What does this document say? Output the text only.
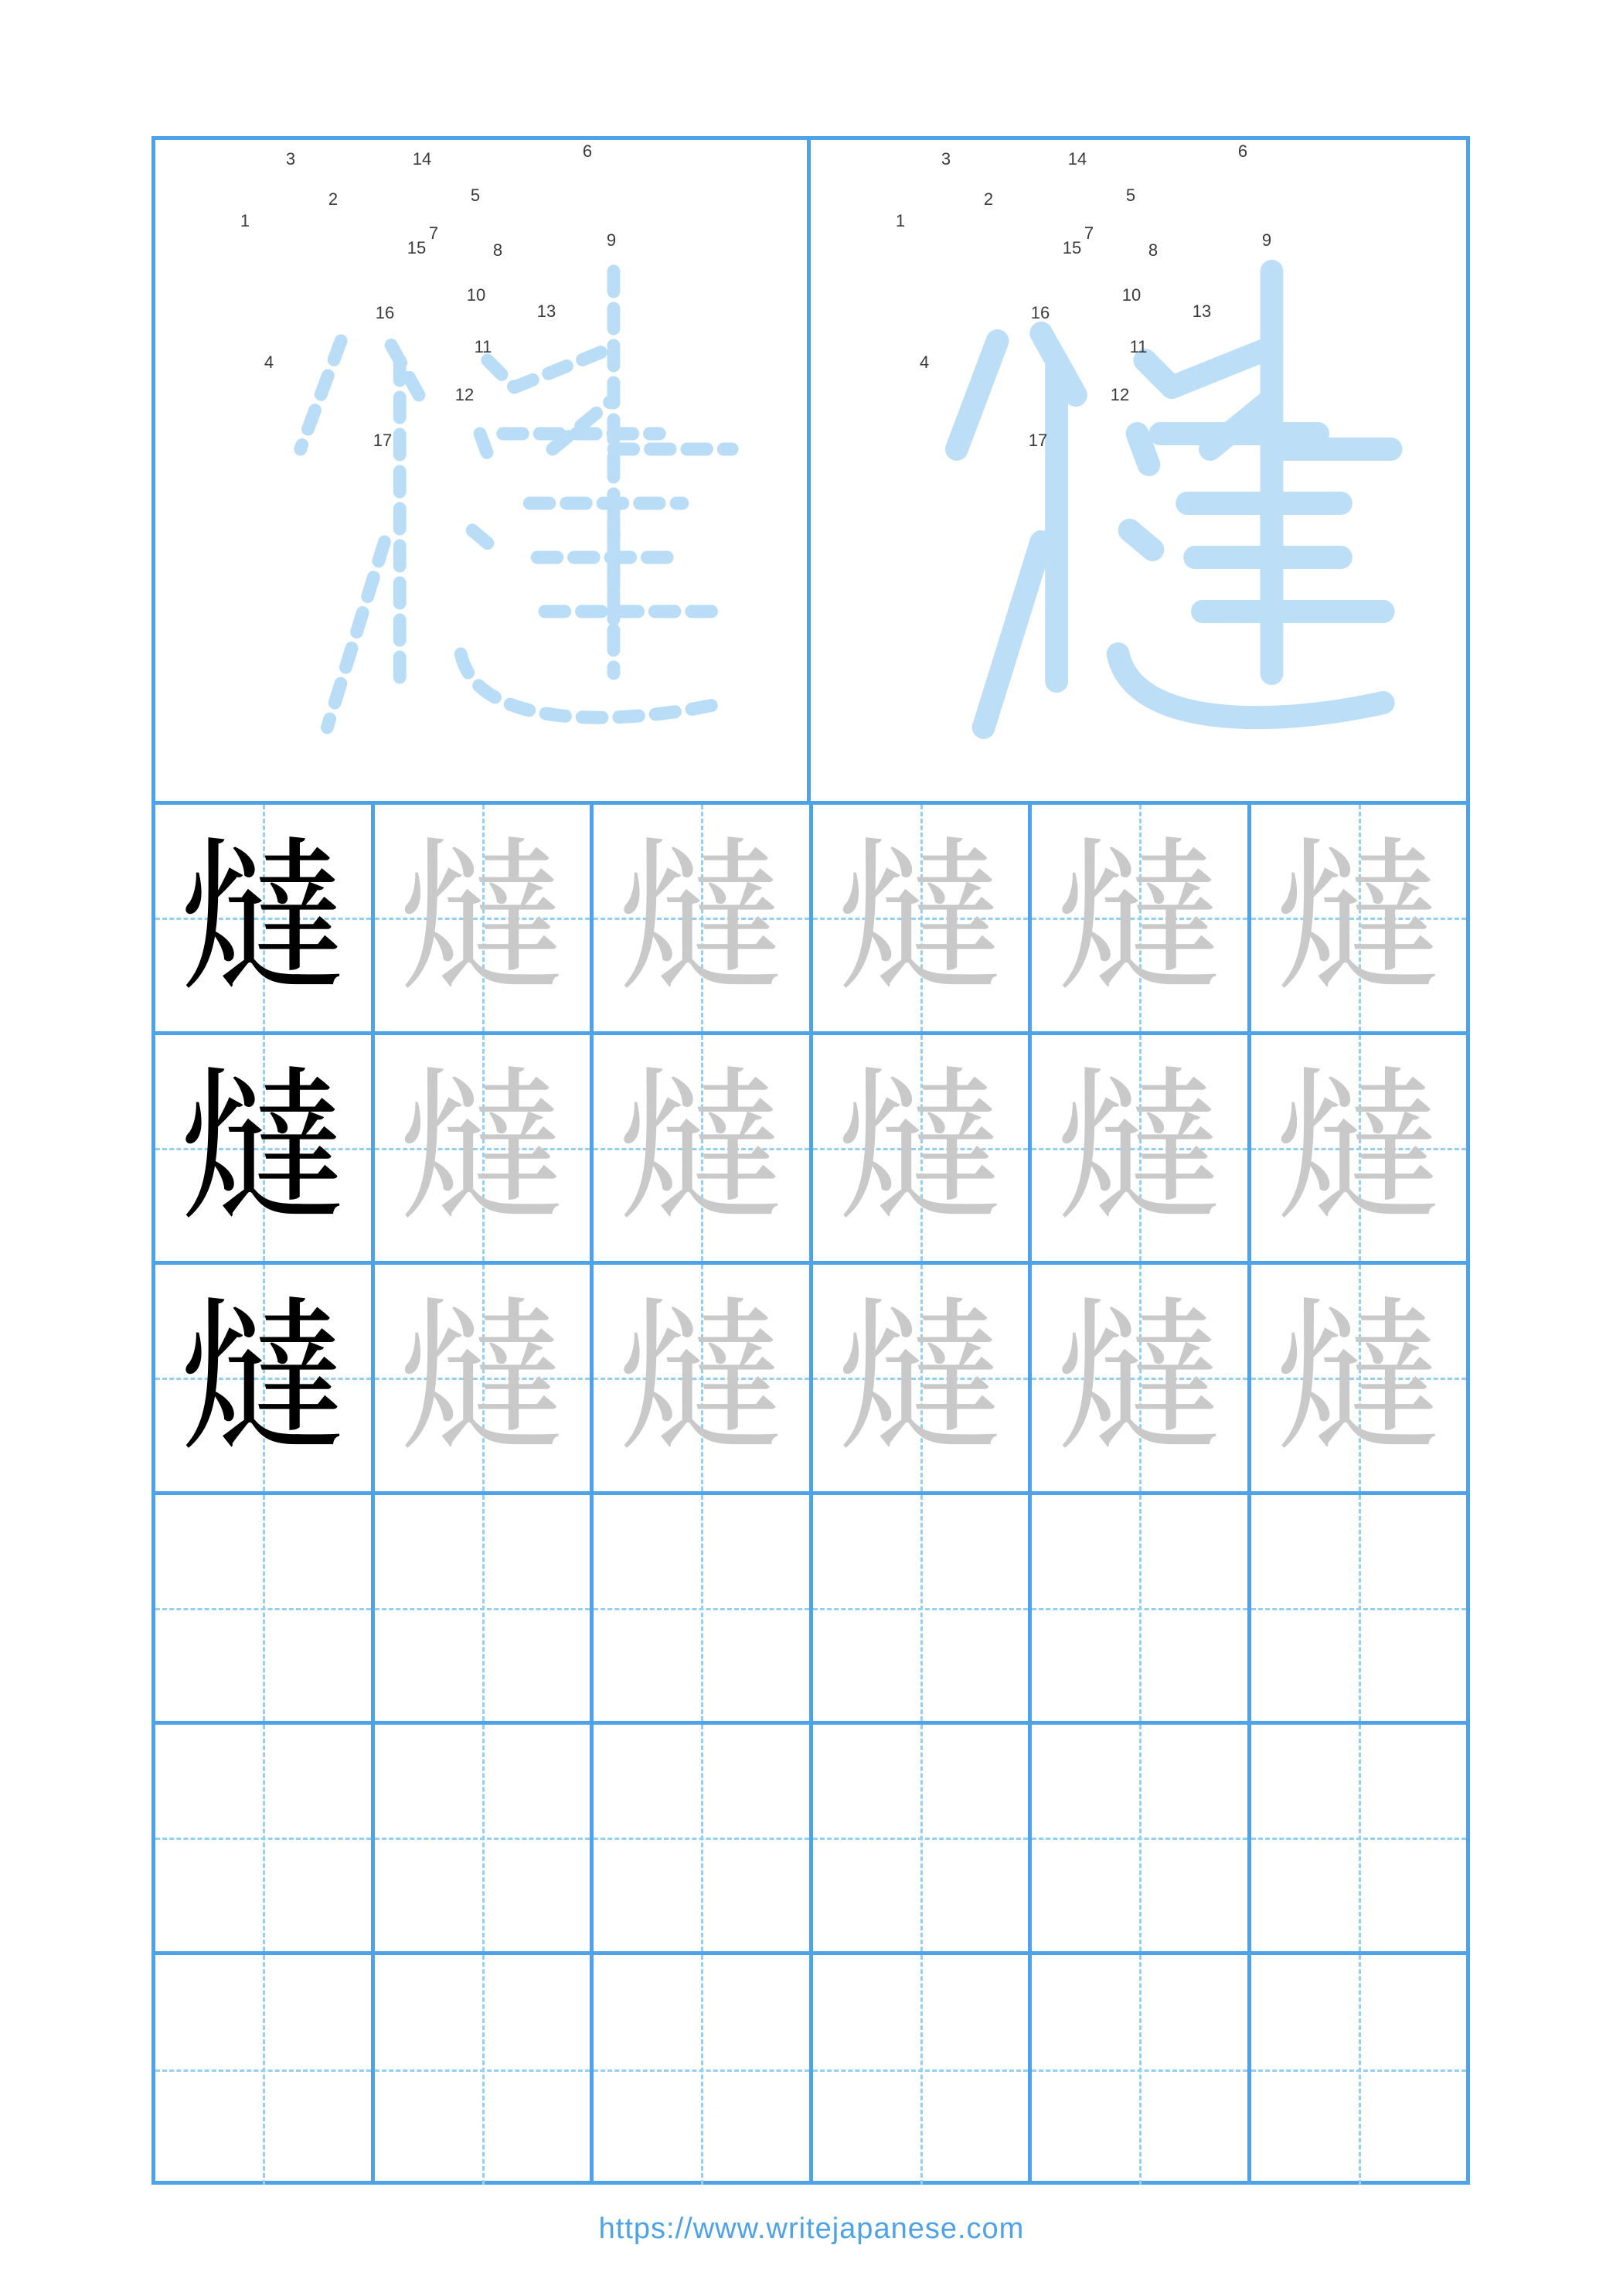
1
2
3
4
5
6
7
8
9
10
11
12
13
14
15
16
17
1
2
3
4
5
6
7
8
9
10
11
12
13
14
15
16
17
燵 燵 燵 燵 燵 燵
燵 燵 燵 燵 燵 燵
燵 燵 燵 燵 燵 燵
https://www.writejapanese.com
